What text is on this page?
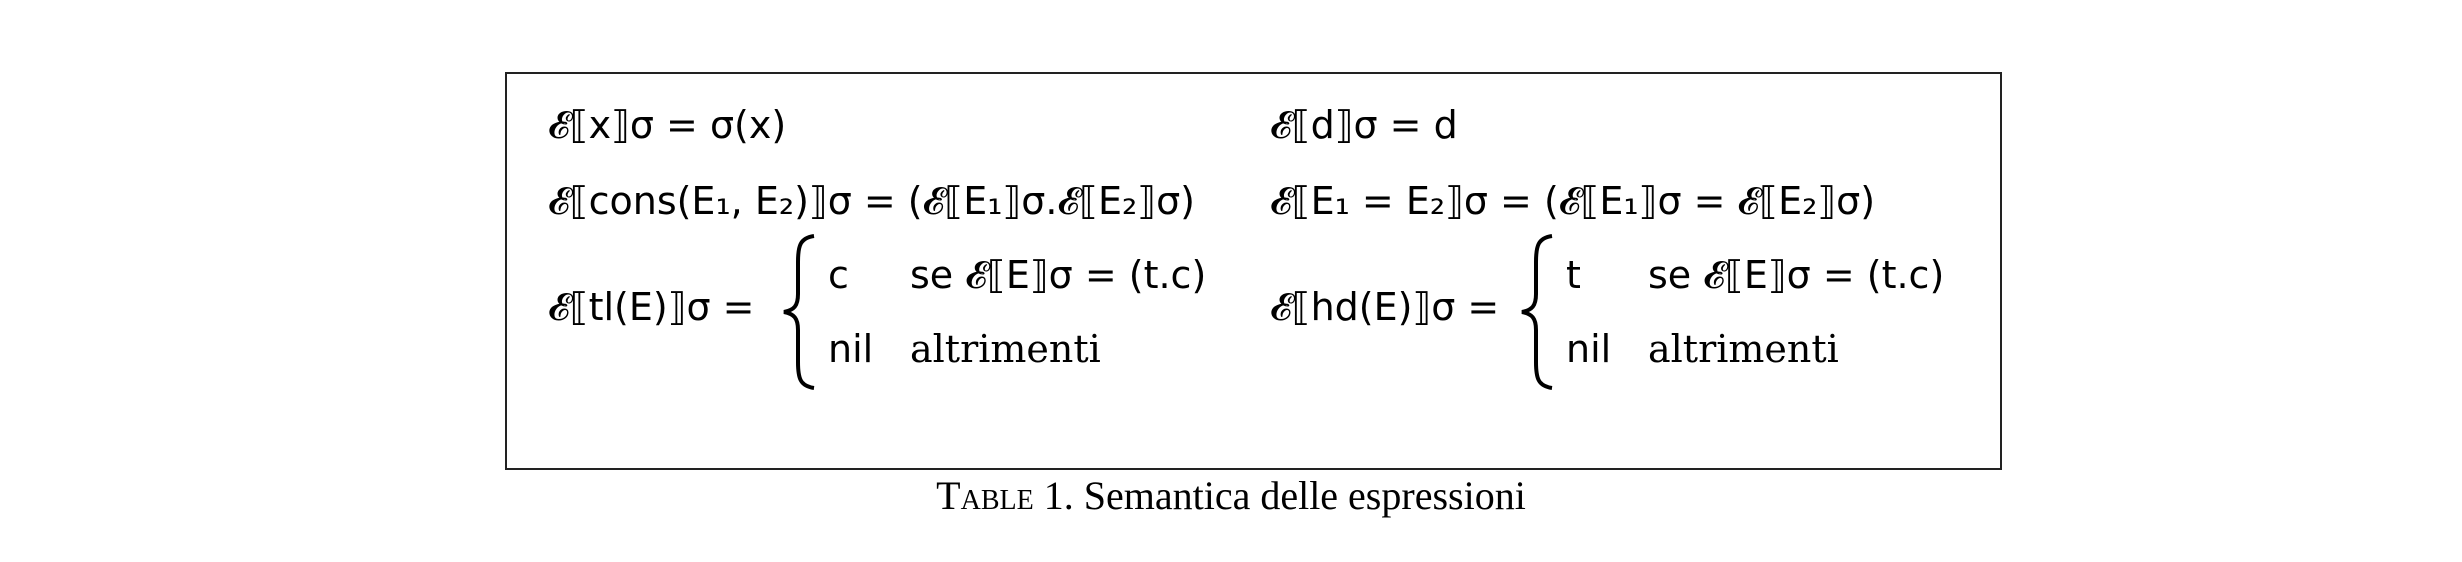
𝓔⟦x⟧σ = σ(x)
𝓔⟦cons(E₁, E₂)⟧σ = (𝓔⟦E₁⟧σ.𝓔⟦E₂⟧σ)
𝓔⟦tl(E)⟧σ =
c se 𝓔⟦E⟧σ = (t.c)
nil altrimenti
𝓔⟦d⟧σ = d
𝓔⟦E₁ = E₂⟧σ = (𝓔⟦E₁⟧σ = 𝓔⟦E₂⟧σ)
𝓔⟦hd(E)⟧σ =
t se 𝓔⟦E⟧σ = (t.c)
nil altrimenti
Table 1. Semantica delle espressioni
